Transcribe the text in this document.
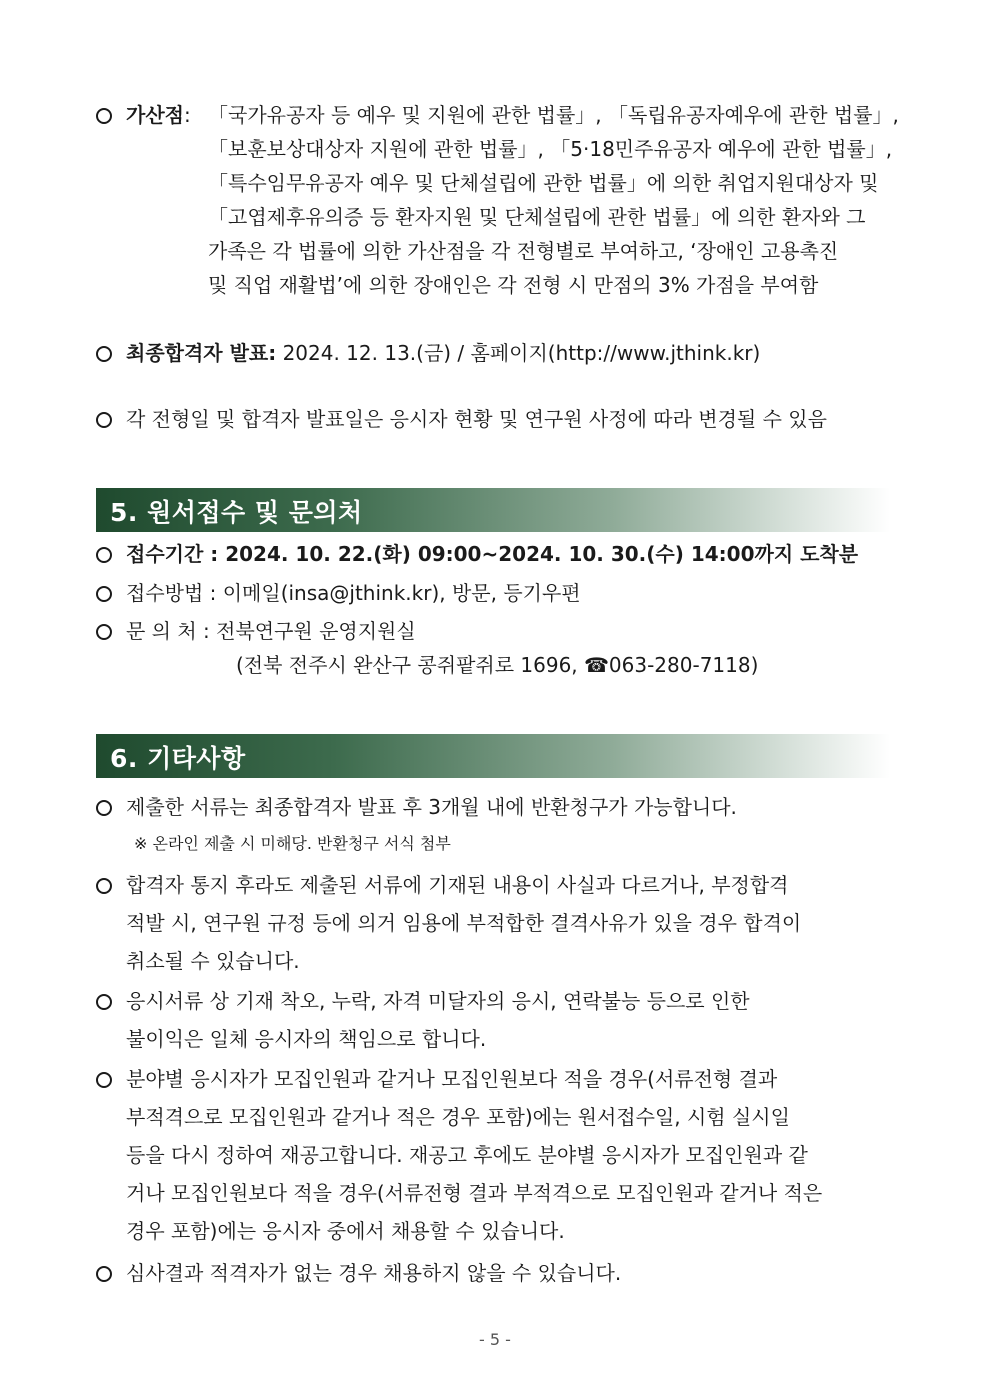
가산점: 「국가유공자 등 예우 및 지원에 관한 법률」, 「독립유공자예우에 관한 법률」,
「보훈보상대상자 지원에 관한 법률」, 「5·18민주유공자 예우에 관한 법률」,
「특수임무유공자 예우 및 단체설립에 관한 법률」에 의한 취업지원대상자 및
「고엽제후유의증 등 환자지원 및 단체설립에 관한 법률」에 의한 환자와 그
가족은 각 법률에 의한 가산점을 각 전형별로 부여하고, ‘장애인 고용촉진
및 직업 재활법’에 의한 장애인은 각 전형 시 만점의 3% 가점을 부여함
최종합격자 발표: 2024. 12. 13.(금) / 홈페이지(http://www.jthink.kr)
각 전형일 및 합격자 발표일은 응시자 현황 및 연구원 사정에 따라 변경될 수 있음
5. 원서접수 및 문의처
접수기간 : 2024. 10. 22.(화) 09:00~2024. 10. 30.(수) 14:00까지 도착분
접수방법 : 이메일(insa@jthink.kr), 방문, 등기우편
문 의 처 : 전북연구원 운영지원실
(전북 전주시 완산구 콩쥐팥쥐로 1696, ☎063-280-7118)
6. 기타사항
제출한 서류는 최종합격자 발표 후 3개월 내에 반환청구가 가능합니다.
※ 온라인 제출 시 미해당. 반환청구 서식 첨부
합격자 통지 후라도 제출된 서류에 기재된 내용이 사실과 다르거나, 부정합격
적발 시, 연구원 규정 등에 의거 임용에 부적합한 결격사유가 있을 경우 합격이
취소될 수 있습니다.
응시서류 상 기재 착오, 누락, 자격 미달자의 응시, 연락불능 등으로 인한
불이익은 일체 응시자의 책임으로 합니다.
분야별 응시자가 모집인원과 같거나 모집인원보다 적을 경우(서류전형 결과
부적격으로 모집인원과 같거나 적은 경우 포함)에는 원서접수일, 시험 실시일
등을 다시 정하여 재공고합니다. 재공고 후에도 분야별 응시자가 모집인원과 같
거나 모집인원보다 적을 경우(서류전형 결과 부적격으로 모집인원과 같거나 적은
경우 포함)에는 응시자 중에서 채용할 수 있습니다.
심사결과 적격자가 없는 경우 채용하지 않을 수 있습니다.
- 5 -
